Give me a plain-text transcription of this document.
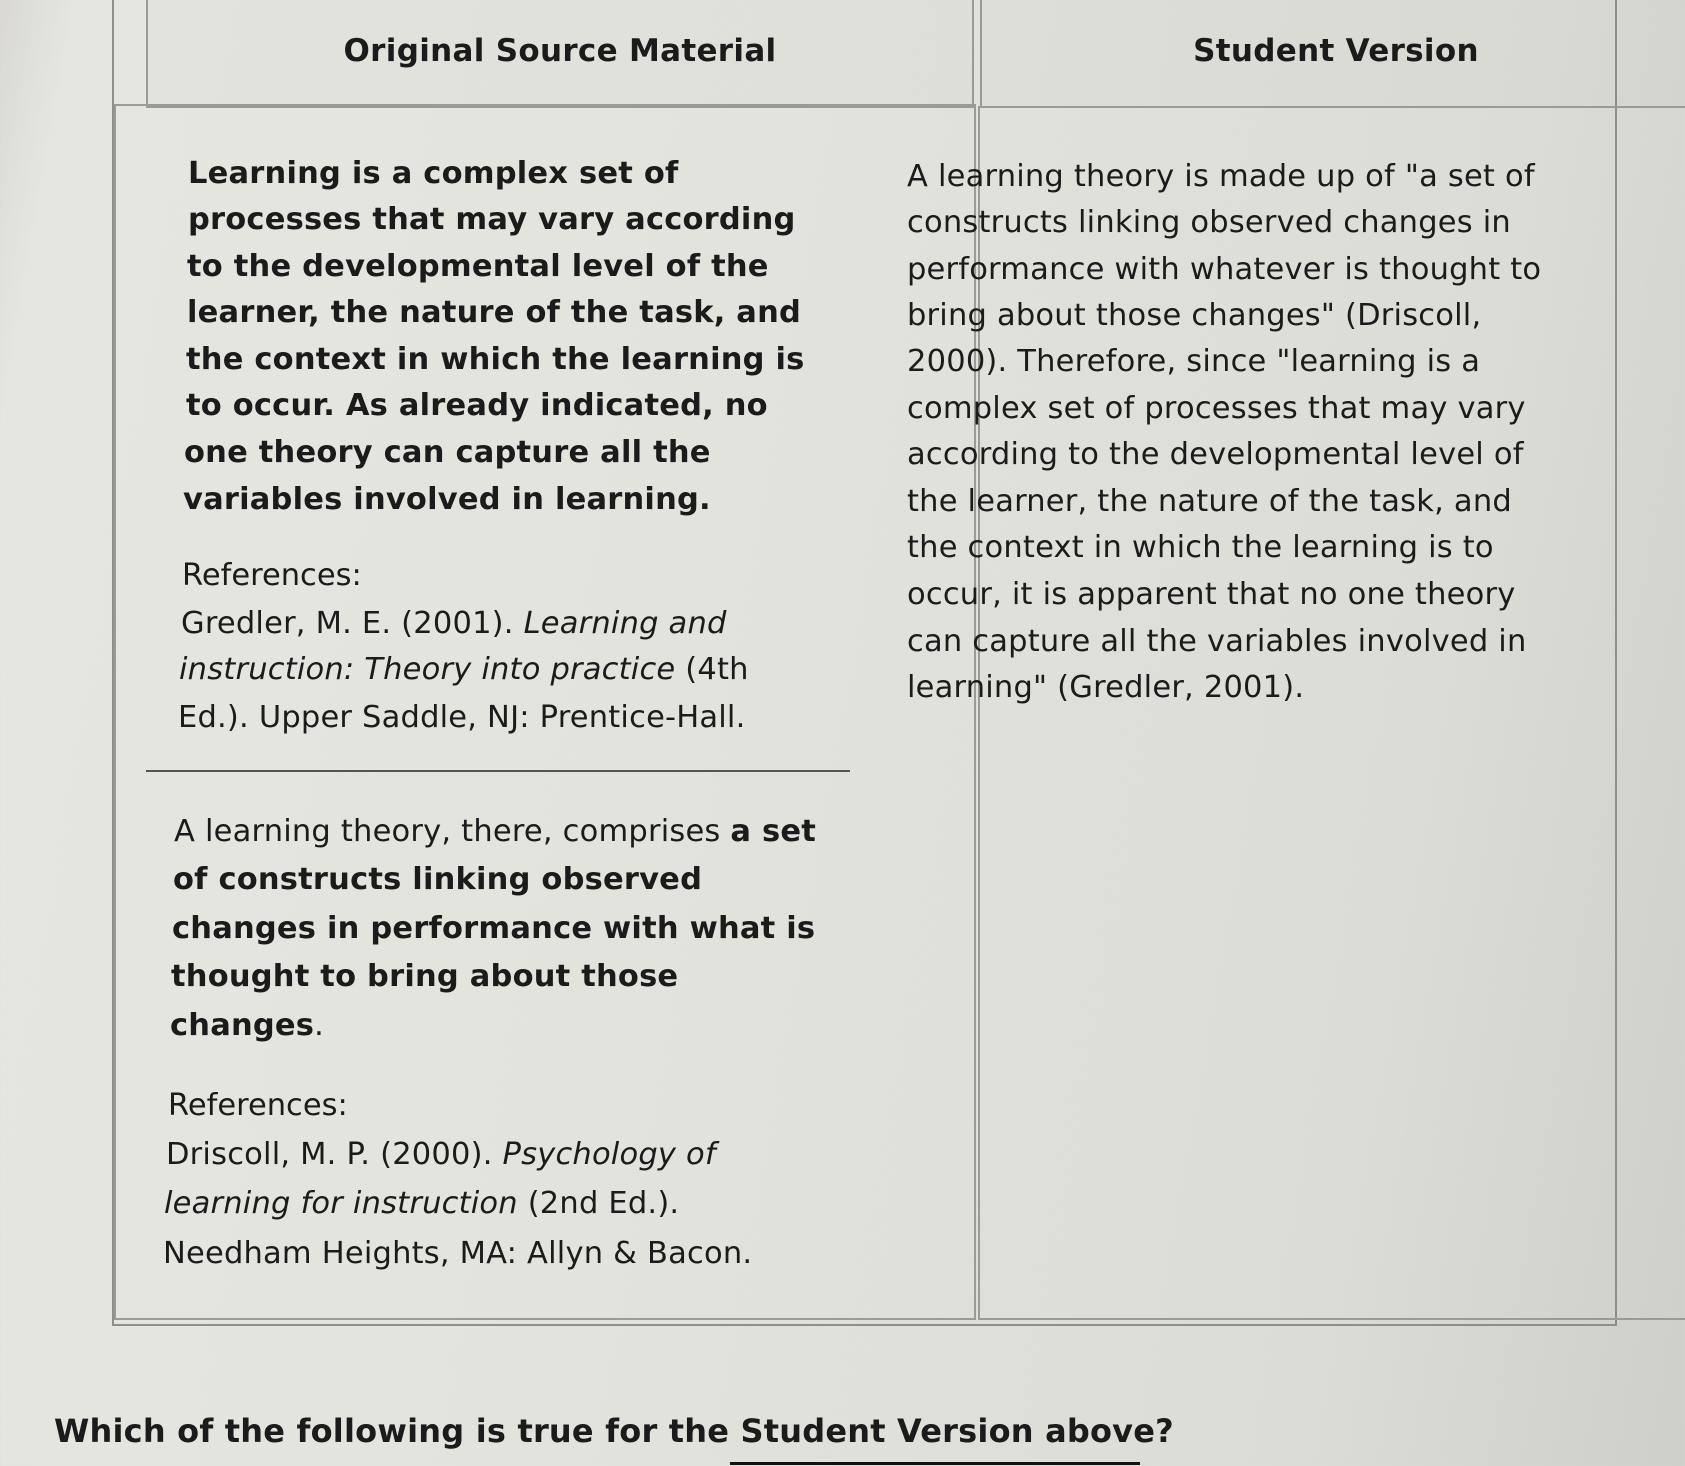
Original Source Material	Student Version
Learning is a complex set of
processes that may vary according
to the developmental level of the
learner, the nature of the task, and
the context in which the learning is
to occur. As already indicated, no
one theory can capture all the
variables involved in learning.
References:
Gredler, M. E. (2001). Learning and
instruction: Theory into practice (4th
Ed.). Upper Saddle, NJ: Prentice-Hall.
A learning theory, there, comprises a set
of constructs linking observed
changes in performance with what is
thought to bring about those
changes.
References:
Driscoll, M. P. (2000). Psychology of
learning for instruction (2nd Ed.).
Needham Heights, MA: Allyn & Bacon.
A learning theory is made up of "a set of
constructs linking observed changes in
performance with whatever is thought to
bring about those changes" (Driscoll,
2000). Therefore, since "learning is a
complex set of processes that may vary
according to the developmental level of
the learner, the nature of the task, and
the context in which the learning is to
occur, it is apparent that no one theory
can capture all the variables involved in
learning" (Gredler, 2001).
Which of the following is true for the Student Version above?
